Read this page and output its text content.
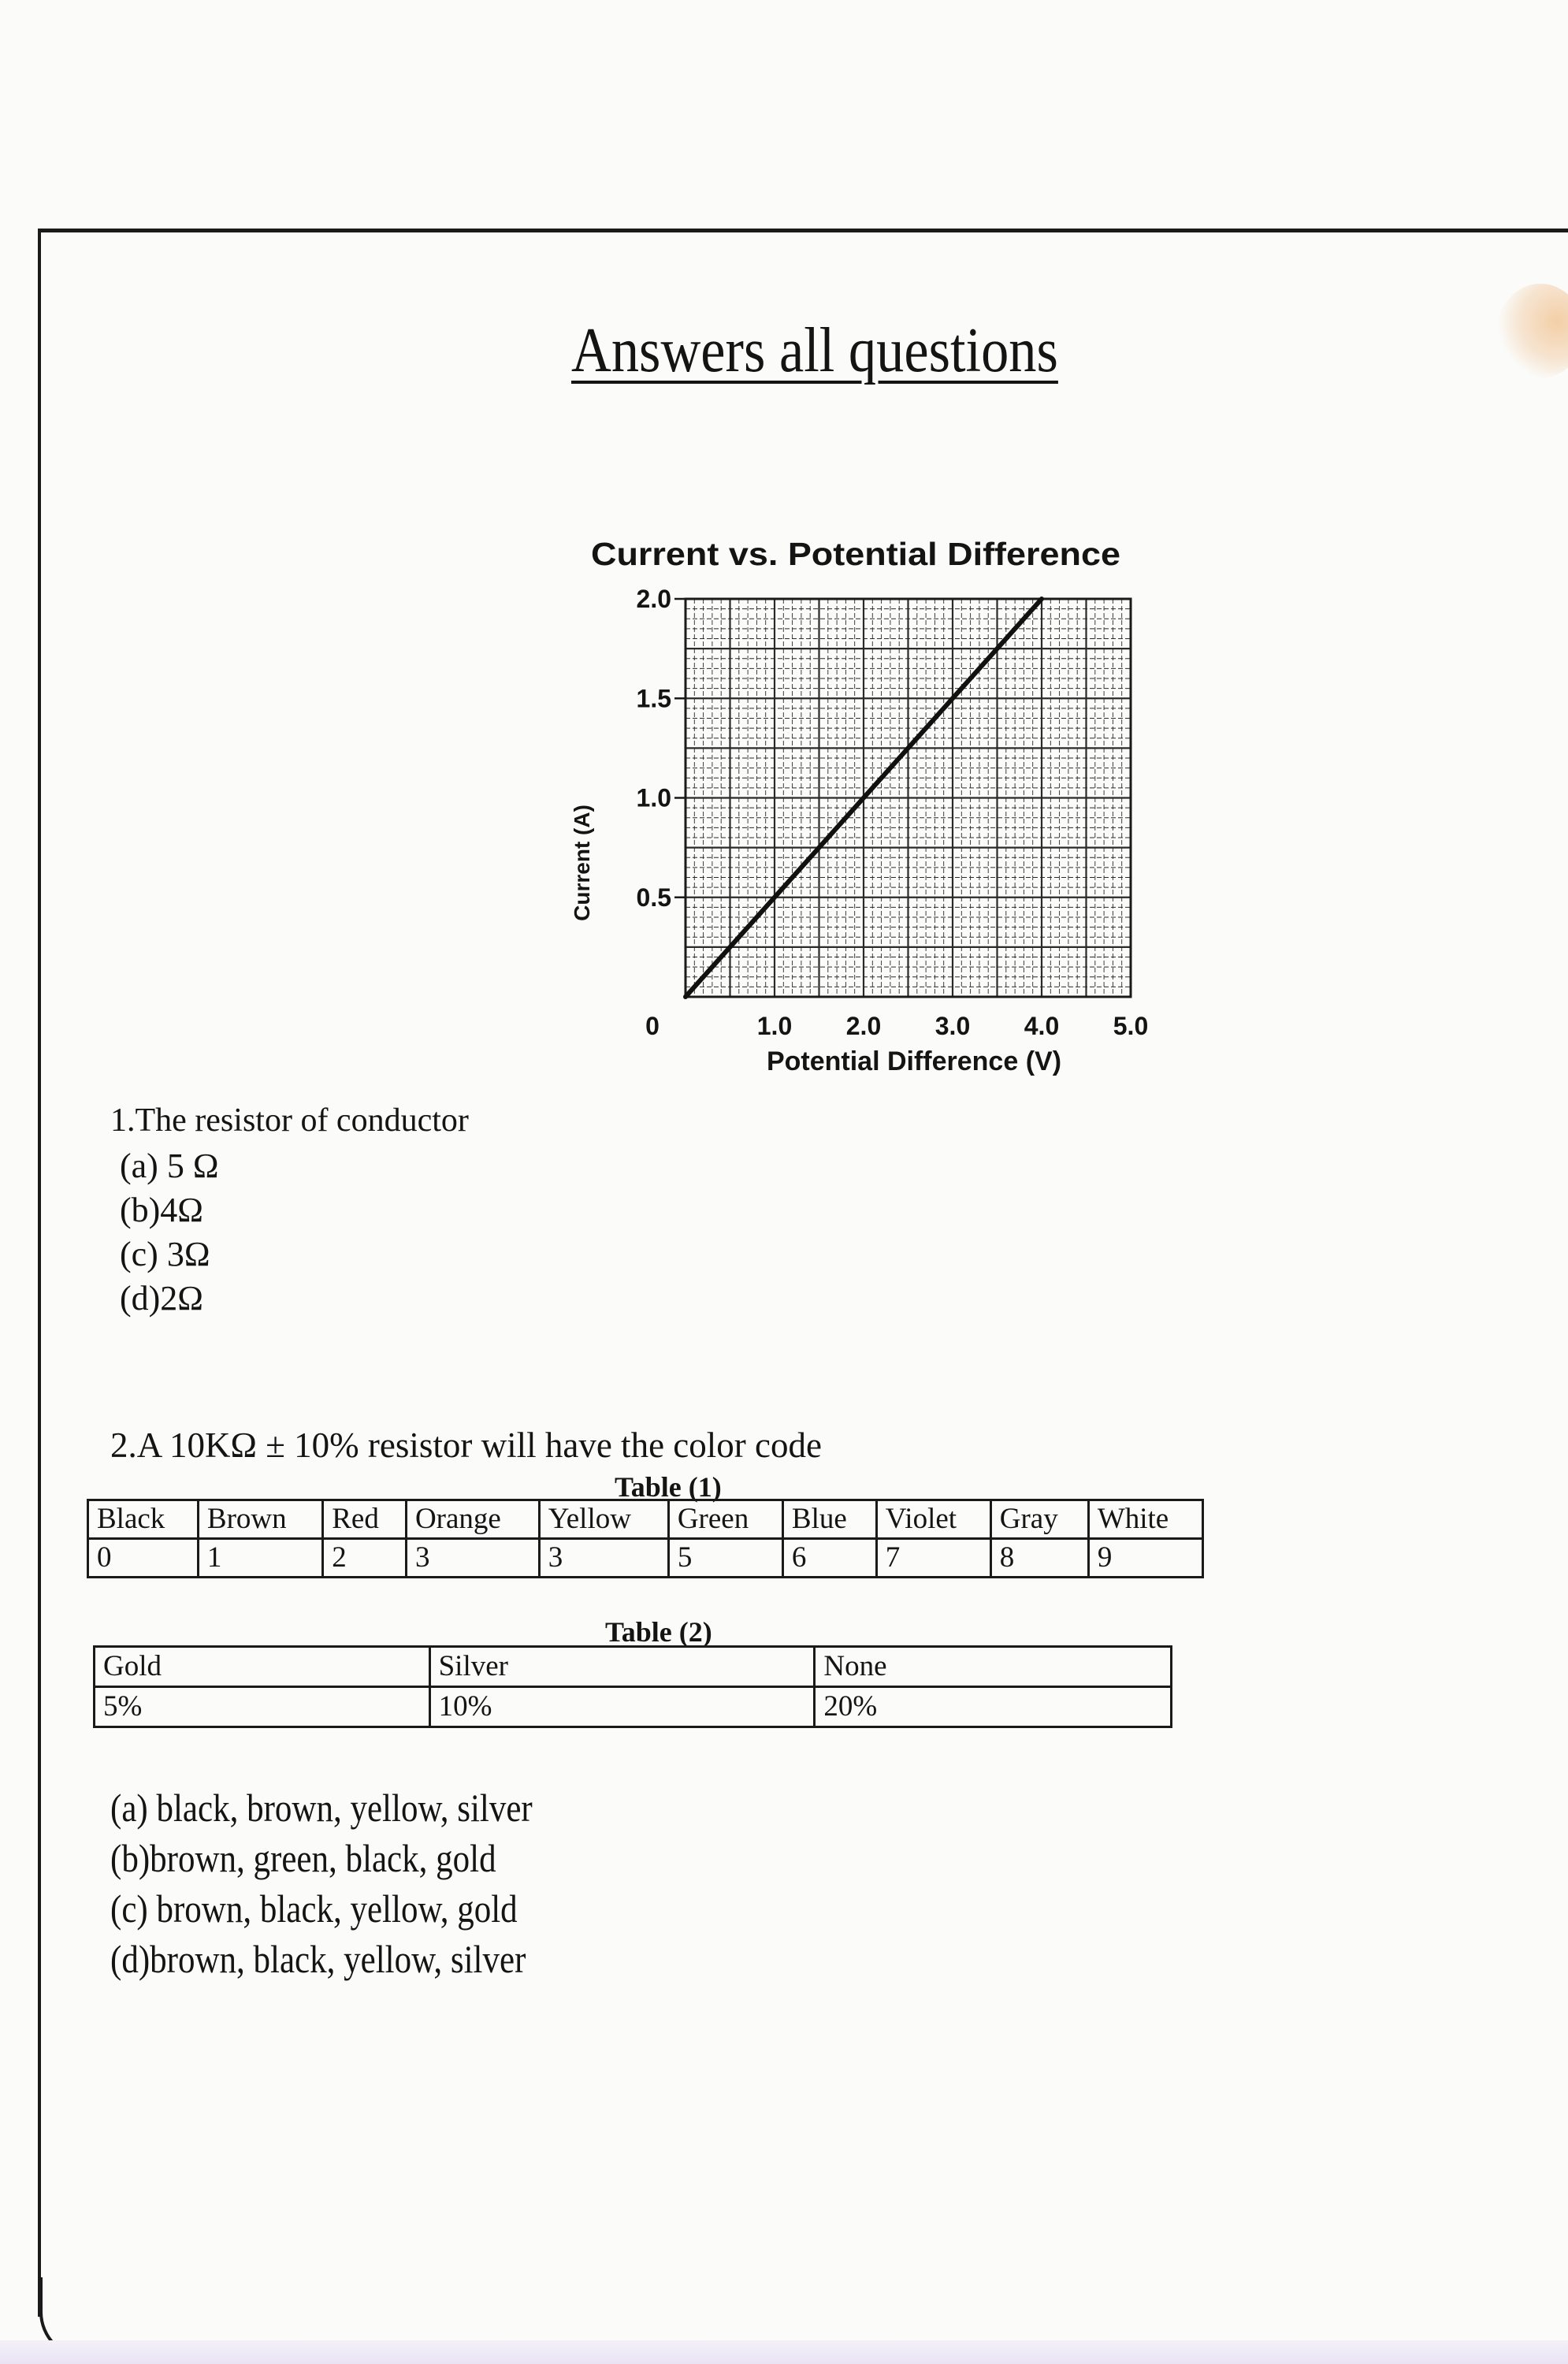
Answers all questions
Current vs. Potential Difference
0.5
1.0
1.5
2.0
0	1.0 2.0 3.0 4.0 5.0
Current (A)
Potential Difference (V)
1.The resistor of conductor
(a) 5 Ω
(b)4Ω
(c) 3Ω
(d)2Ω
2.A 10KΩ ± 10% resistor will have the color code
Table (1)
Black	Brown	Red	Orange	Yellow	Green	Blue	Violet	Gray	White
0	1	2	3	3	5	6	7	8	9
Table (2)
Gold	Silver	None
5%	10%	20%
(a) black, brown, yellow, silver
(b)brown, green, black, gold
(c) brown, black, yellow, gold
(d)brown, black, yellow, silver
